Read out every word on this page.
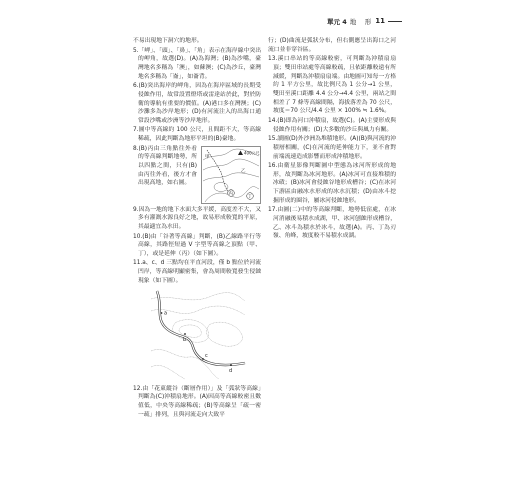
單元 4 地　形 11

不易出現地下洞穴的地形。

5.「岬」、「頭」、「鼻」、「角」表示在海岸線中突出的岬角，故選(D)。(A)為海灣；(B)為沙嘴，臺灣地名多稱為「澳」，如蘇澳；(C)為沙丘，臺灣地名多稱為「崙」，如崙背。

6.(B)突出海岸的岬角，因為在海岸區域的長期受侵蝕作用，故常設置燈塔或雷達站於此，對於防衛的導航有重要的價值。(A)港口多在灣澳；(C)沙灘多為沙岸地形；(D)有河流注入的出海口通常設沙嘴或沙洲等沙岸地形。

7.圖中等高線約 100 公尺，且間距不大，等高線稀疏，因此判斷為地形平坦的(B)臺地。

400公尺
甲
乙
丙
丁

8.(B)丙由三角點往外看的等高線判斷地勢，所以四點之間，只有(B)由丙往外看，後方才會出現高地，如右圖。

9.因為一地的地下水面大多平緩，高度差不大，又多有灌溉水源良好之地，故易形成較寬的平原，其最適宜為水田。

10.(B)由「谷著等高線」判斷，(B)乙線路平行等高線，其路徑短過 V 字型等高線之頂點（甲、丁），或是延伸（丙）（如下圖）。

11.a、c、d 三點均在平直河段，僅 b 點位於河流凹岸，等高線明顯密集，會為周間較寬發生侵蝕現象（如下圖）。

a
b
c
d

12.由「花東縱谷（斷層作用）」及「弧狀等高線」判斷為(C)沖積扇地形。(A)因高等高線較密且數值低，中央等高線稀疏；(B)等高線呈「疏一密一疏」排列，且與河流走向大致平

行；(D)曲流是弧狀分布，但右側應呈出海口之河流口並非穿谷區。

13.溪口串站的等高線較密，可判斷為沖積扇扇頂；雙田串站處等高線較疏，且依距離較遠有所減緩，判斷為沖積扇扇端。由地圖可知每一方格約 1 平方公里，故比例尺為 1 公分→1 公里，雙田至溪口距離 4.4 公分→4.4 公里，兩站之間相差了 7 條等高線間隔，海拔落差為 70 公尺，坡度＝70 公尺/4.4 公里 × 100% ≒ 1.6%。

14.(B)即為河口沖積扇，故選(C)。(A)主要形成與侵蝕作用有關；(D)大多數的沙丘與風力有關。

15.讀圖(D)外沙洲為堆積地形。(A)(B)與河流的沖積層相關，(C)在河流的延伸能力下，並不會對前端流速造成影響而形成沖積地形。

16.由衛星影像判斷圖中型態為冰河所形成的地形，故判斷為冰河地形。(A)冰河可直接堆積的冰磧；(B)冰河會侵蝕谷地形成槽谷；(C)在冰河下游區由融冰水形成的冰水沉積；(D)由冰斗挖掘形成的圈谷，屬冰河侵蝕地形。

17.由圖(二)中的等高線判斷，地勢低窪處，在冰河消融後易積水成湖，甲、冰河刨蝕形成槽谷，乙、冰斗為積水於冰斗，故選(A)。丙、丁為刃嶺、角峰，坡度較不易積水成湖。
